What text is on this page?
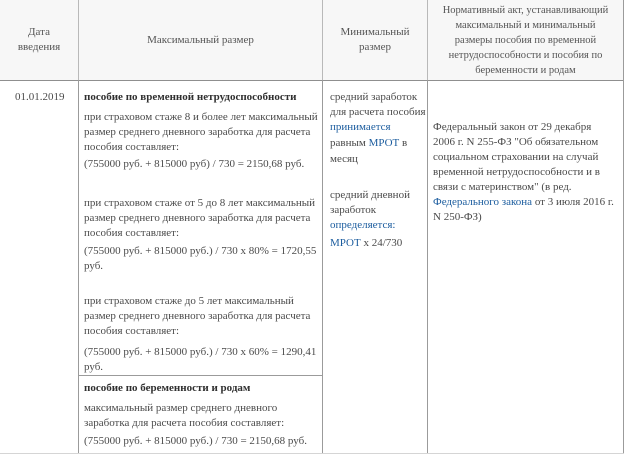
Дата введения
Максимальный размер
Минимальный размер
Нормативный акт, устанавливающий максимальный и минимальный размеры пособия по временной нетрудоспособности и пособия по беременности и родам
01.01.2019 пособие по временной нетрудоспособности
при страховом стаже 8 и более лет максимальный
размер среднего дневного заработка для расчета
пособия составляет:
(755000 руб. + 815000 руб) / 730 = 2150,68 руб.
при страховом стаже от 5 до 8 лет максимальный
размер среднего дневного заработка для расчета
пособия составляет:
(755000 руб. + 815000 руб.) / 730 x 80% = 1720,55
руб.
при страховом стаже до 5 лет максимальный
размер среднего дневного заработка для расчета
пособия составляет:
(755000 руб. + 815000 руб.) / 730 x 60% = 1290,41
руб.
пособие по беременности и родам
максимальный размер среднего дневного
заработка для расчета пособия составляет:
(755000 руб. + 815000 руб.) / 730 = 2150,68 руб.
средний заработок
для расчета пособия
принимается
равным МРОТ в
месяц
средний дневной
заработок
определяется:
МРОТ x 24/730
Федеральный закон от 29 декабря
2006 г. N 255-ФЗ "Об обязательном
социальном страховании на случай
временной нетрудоспособности и в
связи с материнством" (в ред.
Федерального закона от 3 июля 2016 г.
N 250-ФЗ)
